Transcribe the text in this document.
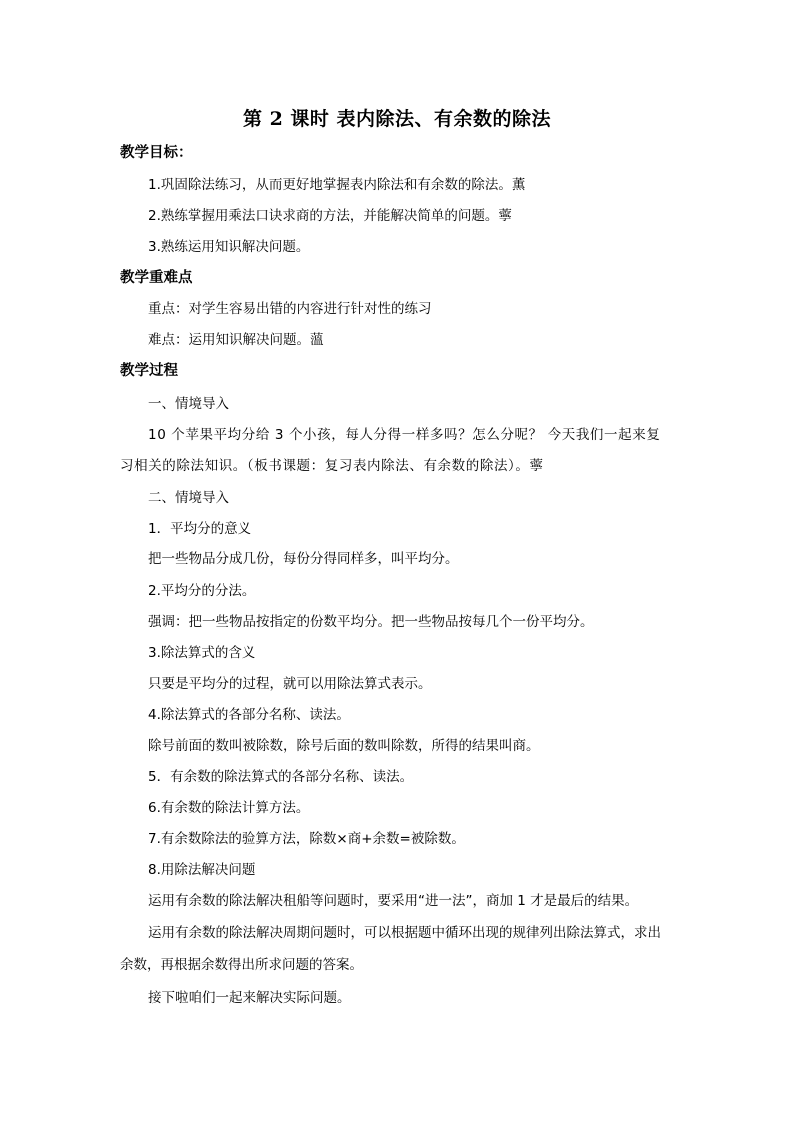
第 2 课时 表内除法、有余数的除法
教学目标：
1.巩固除法练习，从而更好地掌握表内除法和有余数的除法。薫
2.熟练掌握用乘法口诀求商的方法，并能解决简单的问题。薴
3.熟练运用知识解决问题。
教学重难点
重点：对学生容易出错的内容进行针对性的练习
难点：运用知识解决问题。薀
教学过程
一、情境导入
10 个苹果平均分给 3 个小孩，每人分得一样多吗？怎么分呢？ 今天我们一起来复
习相关的除法知识。（板书课题：复习表内除法、有余数的除法）。薴
二、情境导入
1．平均分的意义
把一些物品分成几份，每份分得同样多，叫平均分。
2.平均分的分法。
强调：把一些物品按指定的份数平均分。把一些物品按每几个一份平均分。
3.除法算式的含义
只要是平均分的过程，就可以用除法算式表示。
4.除法算式的各部分名称、读法。
除号前面的数叫被除数，除号后面的数叫除数，所得的结果叫商。
5．有余数的除法算式的各部分名称、读法。
6.有余数的除法计算方法。
7.有余数除法的验算方法，除数×商+余数=被除数。
8.用除法解决问题
运用有余数的除法解决租船等问题时，要采用“进一法”，商加 1 才是最后的结果。
运用有余数的除法解决周期问题时，可以根据题中循环出现的规律列出除法算式，求出
余数，再根据余数得出所求问题的答案。
接下啦咱们一起来解决实际问题。
